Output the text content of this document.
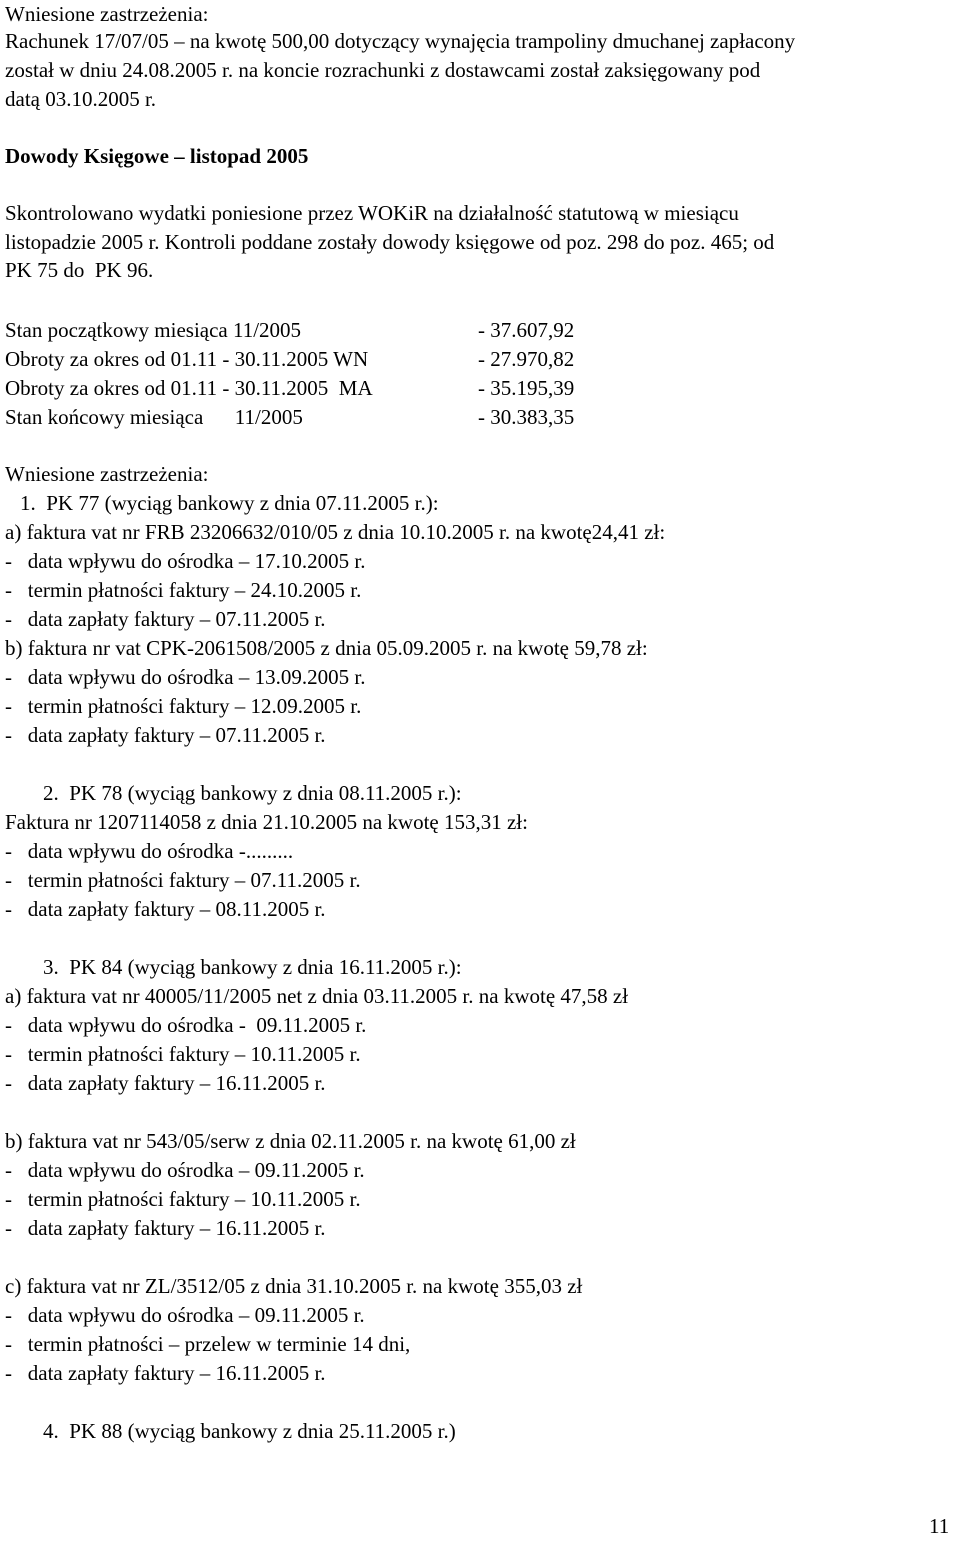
Wniesione zastrzeżenia:
Rachunek 17/07/05 – na kwotę 500,00 dotyczący wynajęcia trampoliny dmuchanej zapłacony
został w dniu 24.08.2005 r. na koncie rozrachunki z dostawcami został zaksięgowany pod
datą 03.10.2005 r.
Dowody Księgowe – listopad 2005
Skontrolowano wydatki poniesione przez WOKiR na działalność statutową w miesiącu
listopadzie 2005 r. Kontroli poddane zostały dowody księgowe od poz. 298 do poz. 465; od
PK 75 do  PK 96.
Stan początkowy miesiąca 11/2005	- 37.607,92
Obroty za okres od 01.11 - 30.11.2005 WN	- 27.970,82
Obroty za okres od 01.11 - 30.11.2005  MA	- 35.195,39
Stan końcowy miesiąca      11/2005	- 30.383,35
Wniesione zastrzeżenia:
1.  PK 77 (wyciąg bankowy z dnia 07.11.2005 r.):
a) faktura vat nr FRB 23206632/010/05 z dnia 10.10.2005 r. na kwotę24,41 zł:
-   data wpływu do ośrodka – 17.10.2005 r.
-   termin płatności faktury – 24.10.2005 r.
-   data zapłaty faktury – 07.11.2005 r.
b) faktura nr vat CPK-2061508/2005 z dnia 05.09.2005 r. na kwotę 59,78 zł:
-   data wpływu do ośrodka – 13.09.2005 r.
-   termin płatności faktury – 12.09.2005 r.
-   data zapłaty faktury – 07.11.2005 r.
2.  PK 78 (wyciąg bankowy z dnia 08.11.2005 r.):
Faktura nr 1207114058 z dnia 21.10.2005 na kwotę 153,31 zł:
-   data wpływu do ośrodka -.........
-   termin płatności faktury – 07.11.2005 r.
-   data zapłaty faktury – 08.11.2005 r.
3.  PK 84 (wyciąg bankowy z dnia 16.11.2005 r.):
a) faktura vat nr 40005/11/2005 net z dnia 03.11.2005 r. na kwotę 47,58 zł
-   data wpływu do ośrodka -  09.11.2005 r.
-   termin płatności faktury – 10.11.2005 r.
-   data zapłaty faktury – 16.11.2005 r.
b) faktura vat nr 543/05/serw z dnia 02.11.2005 r. na kwotę 61,00 zł
-   data wpływu do ośrodka – 09.11.2005 r.
-   termin płatności faktury – 10.11.2005 r.
-   data zapłaty faktury – 16.11.2005 r.
c) faktura vat nr ZL/3512/05 z dnia 31.10.2005 r. na kwotę 355,03 zł
-   data wpływu do ośrodka – 09.11.2005 r.
-   termin płatności – przelew w terminie 14 dni,
-   data zapłaty faktury – 16.11.2005 r.
4.  PK 88 (wyciąg bankowy z dnia 25.11.2005 r.)
11
